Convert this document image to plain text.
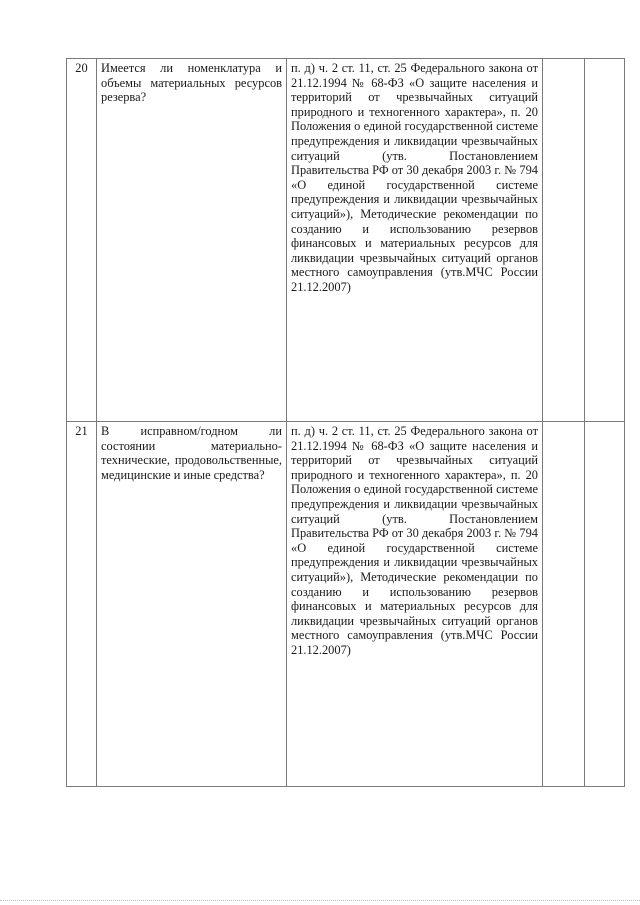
20	Имеется ли номенклатура и объемы материальных ресурсов резерва?	п. д) ч. 2 ст. 11, ст. 25 Федерального закона от 21.12.1994 № 68-ФЗ «О защите населения и территорий от чрезвычайных ситуаций природного и техногенного характера», п. 20 Положения о единой государственной системе предупреждения и ликвидации чрезвычайных ситуаций (утв. Постановлением Правительства РФ от 30 декабря 2003 г. № 794 «О единой государственной системе предупреждения и ликвидации чрезвычайных ситуаций»), Методические рекомендации по созданию и использованию резервов финансовых и материальных ресурсов для ликвидации чрезвычайных ситуаций органов местного самоуправления (утв.МЧС России 21.12.2007)		
21	В исправном/годном ли состоянии материально-технические, продовольственные, медицинские и иные средства?	п. д) ч. 2 ст. 11, ст. 25 Федерального закона от 21.12.1994 № 68-ФЗ «О защите населения и территорий от чрезвычайных ситуаций природного и техногенного характера», п. 20 Положения о единой государственной системе предупреждения и ликвидации чрезвычайных ситуаций (утв. Постановлением Правительства РФ от 30 декабря 2003 г. № 794 «О единой государственной системе предупреждения и ликвидации чрезвычайных ситуаций»), Методические рекомендации по созданию и использованию резервов финансовых и материальных ресурсов для ликвидации чрезвычайных ситуаций органов местного самоуправления (утв.МЧС России 21.12.2007)		
